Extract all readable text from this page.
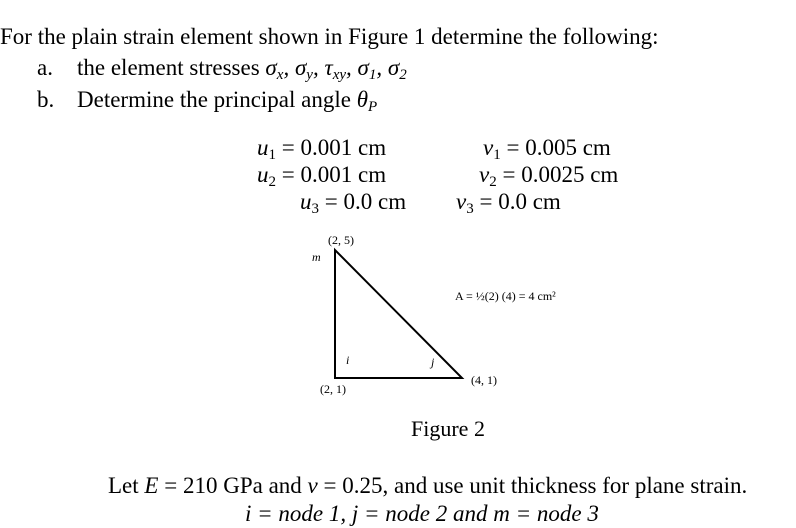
For the plain strain element shown in Figure 1 determine the following:
a. the element stresses $\sigma_x$, $\sigma_y$, $\tau_{xy}$, $\sigma_1$, $\sigma_2$
b. Determine the principal angle $\theta_P$
$u_1 = 0.001$ cm	$v_1 = 0.005$ cm
$u_2 = 0.001$ cm	$v_2 = 0.0025$ cm
$u_3 = 0.0$ cm $v_3 = 0.0$ cm
(2, 5)
m
i	j
(2, 1)
(4, 1)
A = ½(2) (4) = 4 cm²
Figure 2
Let E = 210 GPa and v = 0.25, and use unit thickness for plane strain.
i = node 1, j = node 2 and m = node 3
